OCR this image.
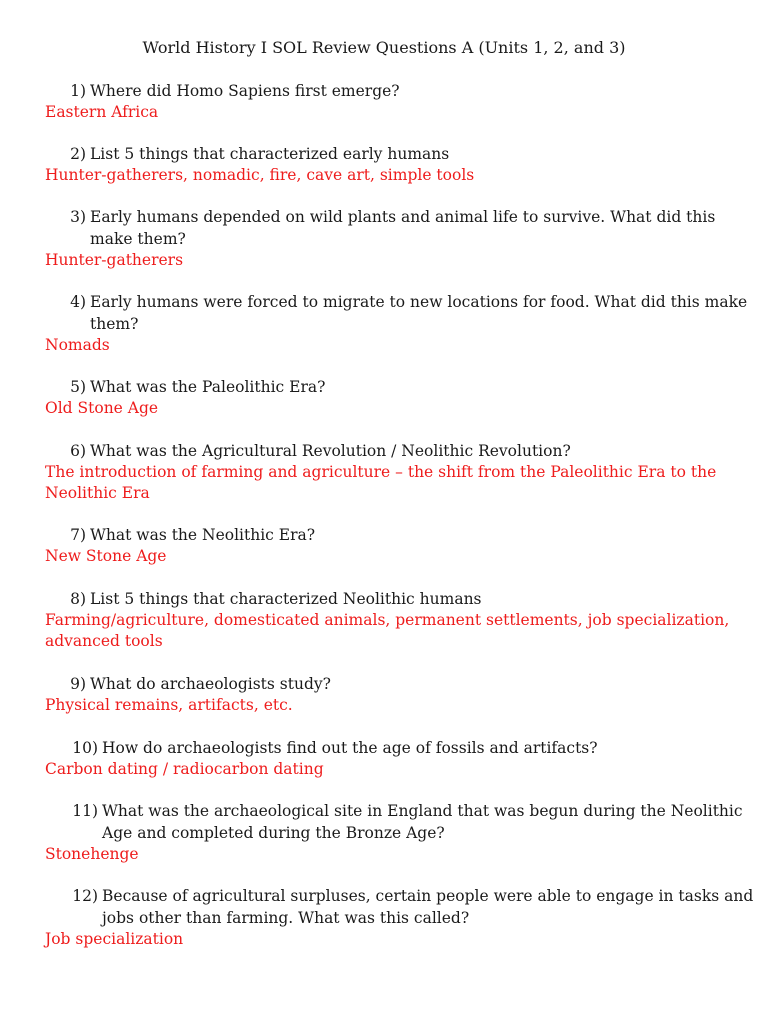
World History I SOL Review Questions A (Units 1, 2, and 3)
1) Where did Homo Sapiens first emerge?
Eastern Africa
2) List 5 things that characterized early humans
Hunter-gatherers, nomadic, fire, cave art, simple tools
3) Early humans depended on wild plants and animal life to survive. What did this
make them?
Hunter-gatherers
4) Early humans were forced to migrate to new locations for food. What did this make
them?
Nomads
5) What was the Paleolithic Era?
Old Stone Age
6) What was the Agricultural Revolution / Neolithic Revolution?
The introduction of farming and agriculture – the shift from the Paleolithic Era to the
Neolithic Era
7) What was the Neolithic Era?
New Stone Age
8) List 5 things that characterized Neolithic humans
Farming/agriculture, domesticated animals, permanent settlements, job specialization,
advanced tools
9) What do archaeologists study?
Physical remains, artifacts, etc.
10) How do archaeologists find out the age of fossils and artifacts?
Carbon dating / radiocarbon dating
11) What was the archaeological site in England that was begun during the Neolithic
Age and completed during the Bronze Age?
Stonehenge
12) Because of agricultural surpluses, certain people were able to engage in tasks and
jobs other than farming. What was this called?
Job specialization
